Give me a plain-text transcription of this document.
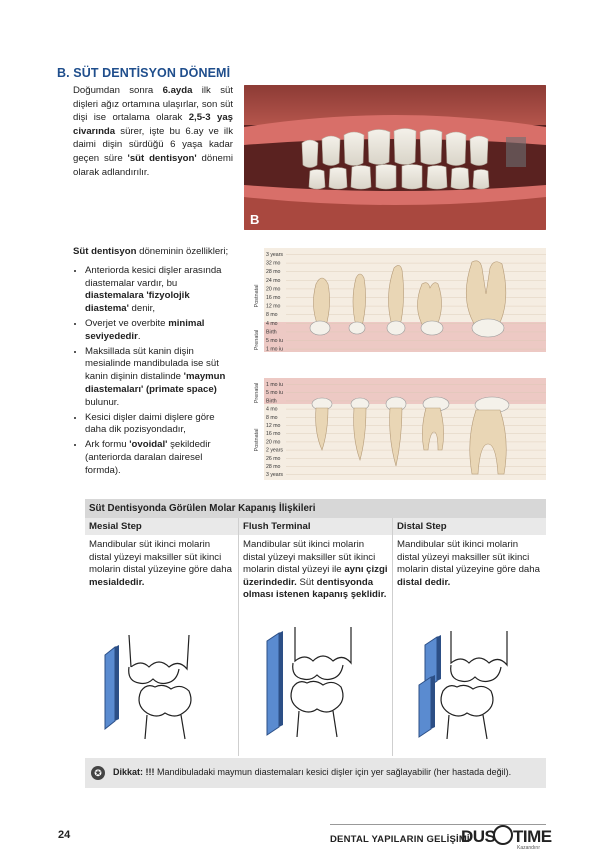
B. SÜT DENTİSYON DÖNEMİ
Doğumdan sonra 6.ayda ilk süt dişleri ağız ortamına ulaşırlar, son süt dişi ise ortalama olarak 2,5-3 yaş civarında sürer, işte bu 6.ay ve ilk daimi dişin sürdüğü 6 yaşa kadar geçen süre 'süt dentisyon' dönemi olarak adlandırılır.
B
Süt dentisyon döneminin özellikleri;
• Anteriorda kesici dişler arasında diastemalar vardır, bu diastemalara 'fizyolojik diastema' denir,
• Overjet ve overbite minimal seviyededir.
• Maksillada süt kanin dişin mesialinde mandibulada ise süt kanin dişinin distalinde 'maymun diastemaları' (primate space) bulunur.
• Kesici dişler daimi dişlere göre daha dik pozisyondadır,
• Ark formu 'ovoidal' şekildedir (anteriorda daralan dairesel formda).
3 years
32 mo
28 mo
24 mo
20 mo
16 mo
12 mo
8 mo
4 mo
Birth
5 mo iu
1 mo iu
1 mo iu
5 mo iu
Birth
4 mo
8 mo
12 mo
16 mo
20 mo
2 years
26 mo
28 mo
3 years
Postnatal
Prenatal
Prenatal
Postnatal
Süt Dentisyonda Görülen Molar Kapanış İlişkileri		
Mesial Step	Flush Terminal	Distal Step
Mandibular süt ikinci molarin distal yüzeyi maksiller süt ikinci molarin distal yüzeyine göre daha mesialdedir.	Mandibular süt ikinci molarin distal yüzeyi maksiller süt ikinci molarin distal yüzeyi ile aynı çizgi üzerindedir. Süt dentisyonda olması istenen kapanış şeklidir.	Mandibular süt ikinci molarin distal yüzeyi maksiller süt ikinci molarin distal yüzeyine göre daha distal dedir.

✪	Dikkat: !!! Mandibuladaki maymun diastemaları kesici dişler için yer sağlayabilir (her hastada değil).
24	DENTAL YAPILARIN GELİŞİMİ
DUS TIME
Kazandırır
